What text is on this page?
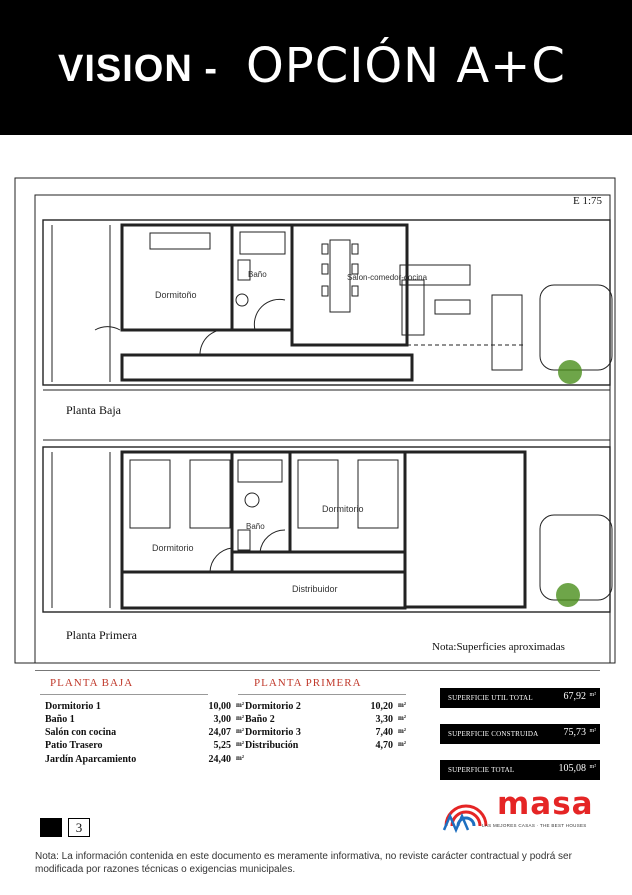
VISION - OPCIÓN A+C
E 1:75
Dormitoño
Baño	Salon-comedor-cocina
Planta Baja
Dormitorio
Baño
Dormitorio
Distribuidor
Planta Primera
Nota:Superficies aproximadas
PLANTA BAJA
Dormitorio 1	10,00 m²
Baño 1	3,00 m²
Salón con cocina	24,07 m²
Patio Trasero	5,25 m²
Jardín Aparcamiento	24,40 m²
PLANTA PRIMERA
Dormitorio 2	10,20 m²
Baño 2	3,30 m²
Dormitorio 3	7,40 m²
Distribución	4,70 m²
SUPERFICIE UTIL TOTAL	67,92 m²
SUPERFICIE CONSTRUIDA	75,73 m²
SUPERFICIE TOTAL	105,08 m²
3
masa
LAS MEJORES CASAS · THE BEST HOUSES
Nota: La información contenida en este documento es meramente informativa, no reviste carácter contractual y podrá ser modificada por razones técnicas o exigencias municipales.
